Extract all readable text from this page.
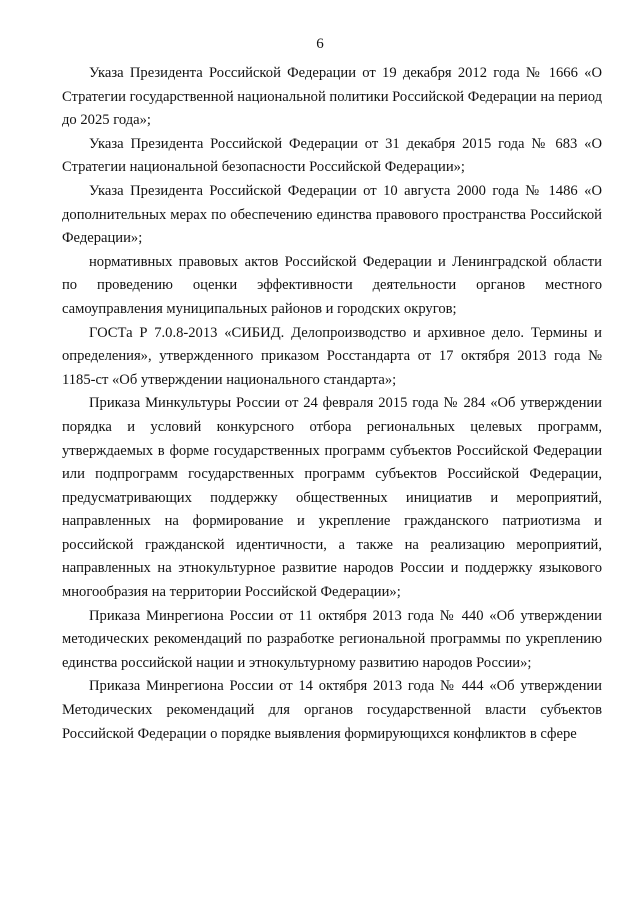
6

Указа Президента Российской Федерации от 19 декабря 2012 года № 1666 «О Стратегии государственной национальной политики Российской Федерации на период до 2025 года»;

Указа Президента Российской Федерации от 31 декабря 2015 года № 683 «О Стратегии национальной безопасности Российской Федерации»;

Указа Президента Российской Федерации от 10 августа 2000 года № 1486 «О дополнительных мерах по обеспечению единства правового пространства Российской Федерации»;

нормативных правовых актов Российской Федерации и Ленинградской области по проведению оценки эффективности деятельности органов местного самоуправления муниципальных районов и городских округов;

ГОСТа Р 7.0.8-2013 «СИБИД. Делопроизводство и архивное дело. Термины и определения», утвержденного приказом Росстандарта от 17 октября 2013 года № 1185-ст «Об утверждении национального стандарта»;

Приказа Минкультуры России от 24 февраля 2015 года № 284 «Об утверждении порядка и условий конкурсного отбора региональных целевых программ, утверждаемых в форме государственных программ субъектов Российской Федерации или подпрограмм государственных программ субъектов Российской Федерации, предусматривающих поддержку общественных инициатив и мероприятий, направленных на формирование и укрепление гражданского патриотизма и российской гражданской идентичности, а также на реализацию мероприятий, направленных на этнокультурное развитие народов России и поддержку языкового многообразия на территории Российской Федерации»;

Приказа Минрегиона России от 11 октября 2013 года № 440 «Об утверждении методических рекомендаций по разработке региональной программы по укреплению единства российской нации и этнокультурному развитию народов России»;

Приказа Минрегиона России от 14 октября 2013 года № 444 «Об утверждении Методических рекомендаций для органов государственной власти субъектов Российской Федерации о порядке выявления формирующихся конфликтов в сфере
